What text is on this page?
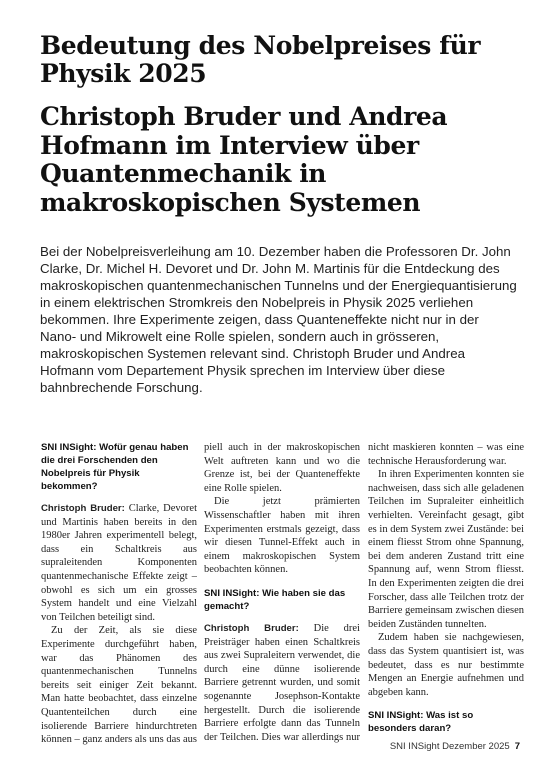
Bedeutung des Nobelpreises für Physik 2025
Christoph Bruder und Andrea Hofmann im Interview über Quantenmechanik in makroskopischen Systemen

Bei der Nobelpreisverleihung am 10. Dezember haben die Professoren Dr. John Clarke, Dr. Michel H. Devoret und Dr. John M. Martinis für die Entdeckung des makroskopischen quantenmechanischen Tunnelns und der Energiequantisierung in einem elektrischen Stromkreis den Nobelpreis in Physik 2025 verliehen bekommen. Ihre Experimente zeigen, dass Quanteneffekte nicht nur in der Nano- und Mikrowelt eine Rolle spielen, sondern auch in grösseren, makroskopischen Systemen relevant sind. Christoph Bruder und Andrea Hofmann vom Departement Physik sprechen im Interview über diese bahnbrechende Forschung.

SNI INSight: Wofür genau haben die drei Forschenden den Nobelpreis für Physik bekommen?

Christoph Bruder: Clarke, Devoret und Martinis haben bereits in den 1980er Jahren experimentell belegt, dass ein Schaltkreis aus supraleitenden Komponenten quantenmechanische Effekte zeigt – obwohl es sich um ein grosses System handelt und eine Vielzahl von Teilchen beteiligt sind.

Zu der Zeit, als sie diese Experimente durchgeführt haben, war das Phänomen des quantenmechanischen Tunnelns bereits seit einiger Zeit bekannt. Man hatte beobachtet, dass einzelne Quantenteilchen durch eine isolierende Barriere hindurchtreten können – ganz anders als uns das aus

piell auch in der makroskopischen Welt auftreten kann und wo die Grenze ist, bei der Quanteneffekte eine Rolle spielen.

Die jetzt prämierten Wissenschaftler haben mit ihren Experimenten erstmals gezeigt, dass wir diesen Tunnel-Effekt auch in einem makroskopischen System beobachten können.

SNI INSight: Wie haben sie das gemacht?

Christoph Bruder: Die drei Preisträger haben einen Schaltkreis aus zwei Supraleitern verwendet, die durch eine dünne isolierende Barriere getrennt wurden, und somit sogenannte Josephson-Kontakte hergestellt. Durch die isolierende Barriere erfolgte dann das Tunneln der Teilchen. Dies war allerdings nur

nicht maskieren konnten – was eine technische Herausforderung war.

In ihren Experimenten konnten sie nachweisen, dass sich alle geladenen Teilchen im Supraleiter einheitlich verhielten. Vereinfacht gesagt, gibt es in dem System zwei Zustände: bei einem fliesst Strom ohne Spannung, bei dem anderen Zustand tritt eine Spannung auf, wenn Strom fliesst. In den Experimenten zeigten die drei Forscher, dass alle Teilchen trotz der Barriere gemeinsam zwischen diesen beiden Zuständen tunnelten.

Zudem haben sie nachgewiesen, dass das System quantisiert ist, was bedeutet, dass es nur bestimmte Mengen an Energie aufnehmen und abgeben kann.

SNI INSight: Was ist so besonders daran?

SNI INSight Dezember 2025 7
